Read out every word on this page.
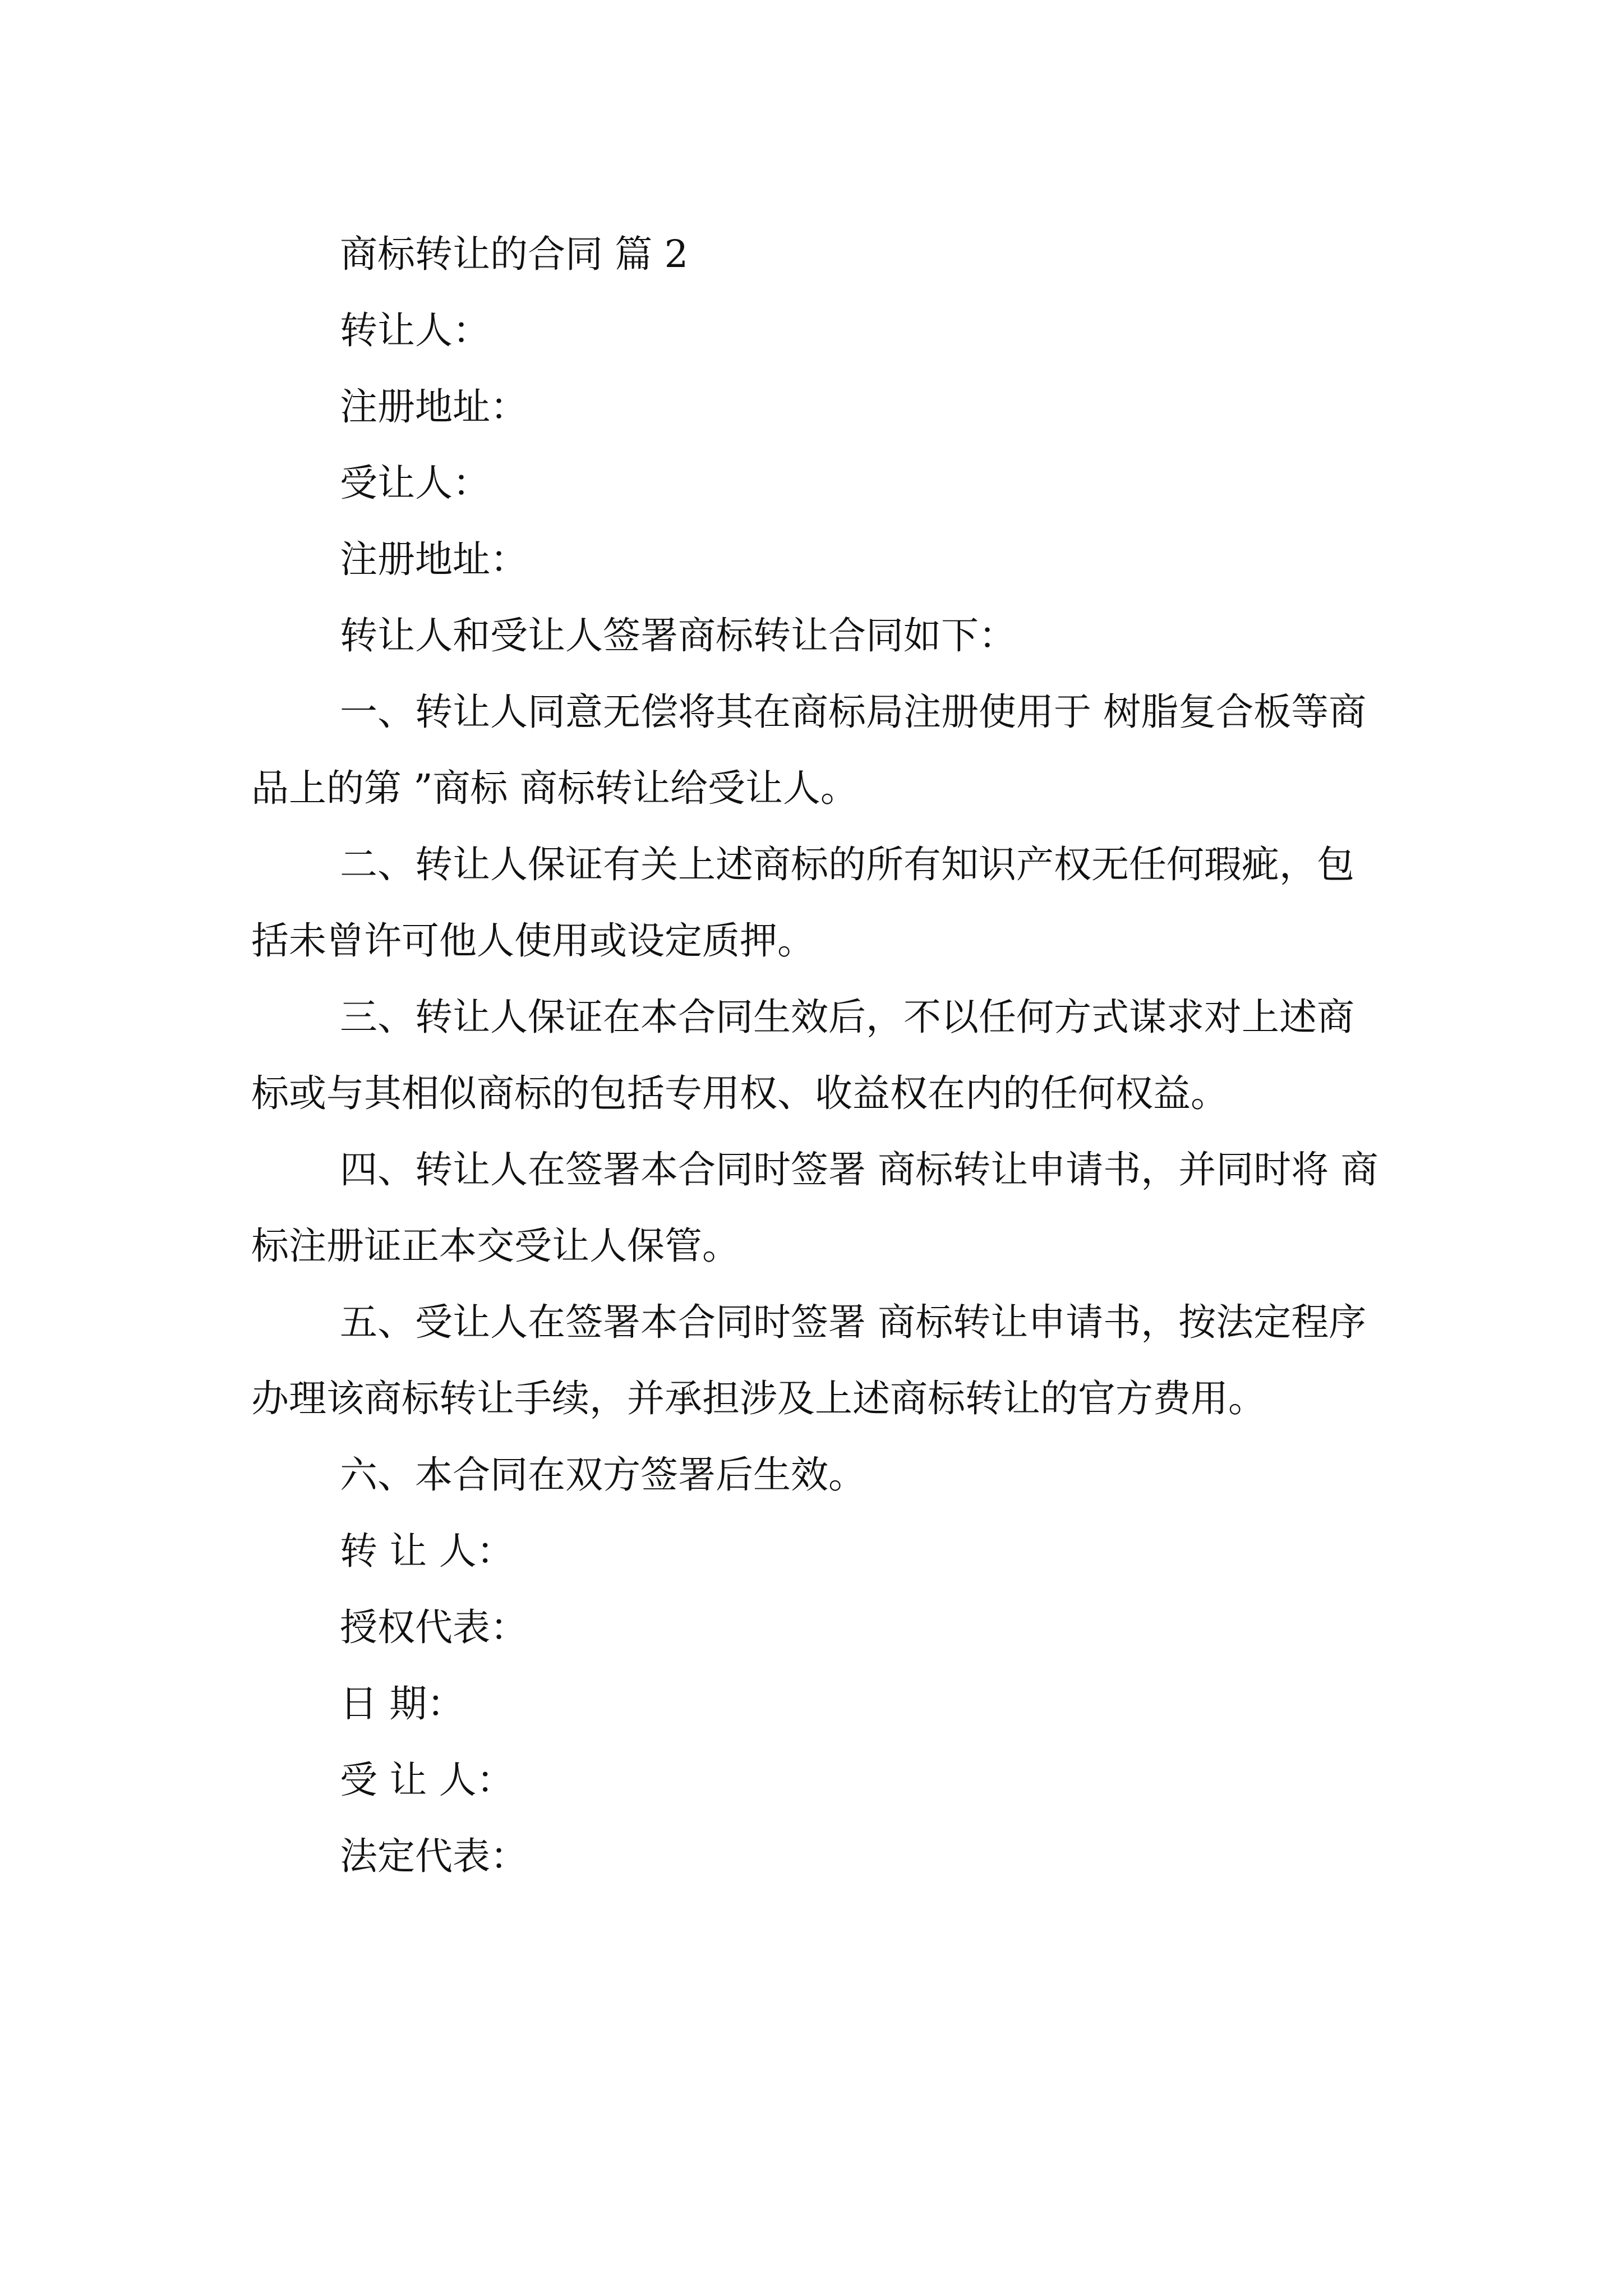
商标转让的合同 篇 2

转让人：

注册地址：

受让人：

注册地址：

转让人和受让人签署商标转让合同如下：

一、转让人同意无偿将其在商标局注册使用于 树脂复合板等商品上的第 ”商标 商标转让给受让人。

二、转让人保证有关上述商标的所有知识产权无任何瑕疵，包括未曾许可他人使用或设定质押。

三、转让人保证在本合同生效后，不以任何方式谋求对上述商标或与其相似商标的包括专用权、收益权在内的任何权益。

四、转让人在签署本合同时签署 商标转让申请书，并同时将 商标注册证正本交受让人保管。

五、受让人在签署本合同时签署 商标转让申请书，按法定程序办理该商标转让手续，并承担涉及上述商标转让的官方费用。

六、本合同在双方签署后生效。

转 让 人：

授权代表：

日 期：

受 让 人：

法定代表：
